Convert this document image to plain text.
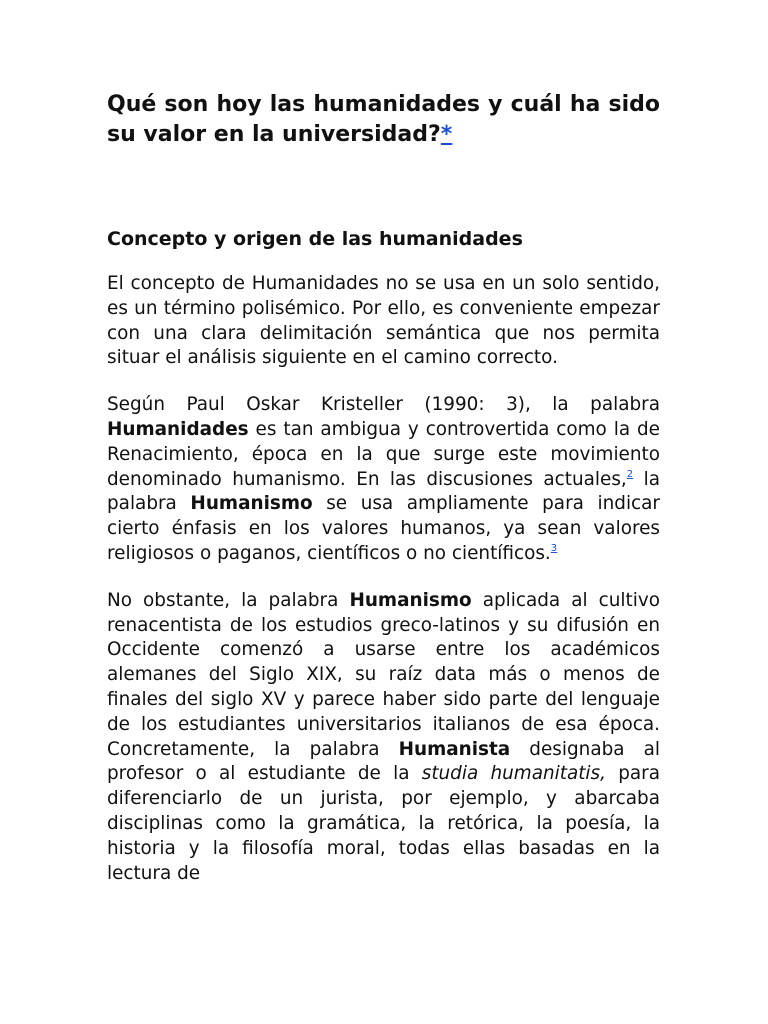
Qué son hoy las humanidades y cuál ha sido su valor en la universidad?*
Concepto y origen de las humanidades

El concepto de Humanidades no se usa en un solo sentido, es un término polisémico. Por ello, es conveniente empezar con una clara delimitación semántica que nos permita situar el análisis siguiente en el camino correcto.

Según Paul Oskar Kristeller (1990: 3), la palabra Humanidades es tan ambigua y controvertida como la de Renacimiento, época en la que surge este movimiento denominado humanismo. En las discusiones actuales,$^2$ la palabra Humanismo se usa ampliamente para indicar cierto énfasis en los valores humanos, ya sean valores religiosos o paganos, científicos o no científicos.$^3$

No obstante, la palabra Humanismo aplicada al cultivo renacentista de los estudios greco-latinos y su difusión en Occidente comenzó a usarse entre los académicos alemanes del Siglo XIX, su raíz data más o menos de finales del siglo XV y parece haber sido parte del lenguaje de los estudiantes universitarios italianos de esa época. Concretamente, la palabra Humanista designaba al profesor o al estudiante de la studia humanitatis, para diferenciarlo de un jurista, por ejemplo, y abarcaba disciplinas como la gramática, la retórica, la poesía, la historia y la filosofía moral, todas ellas basadas en la lectura de
